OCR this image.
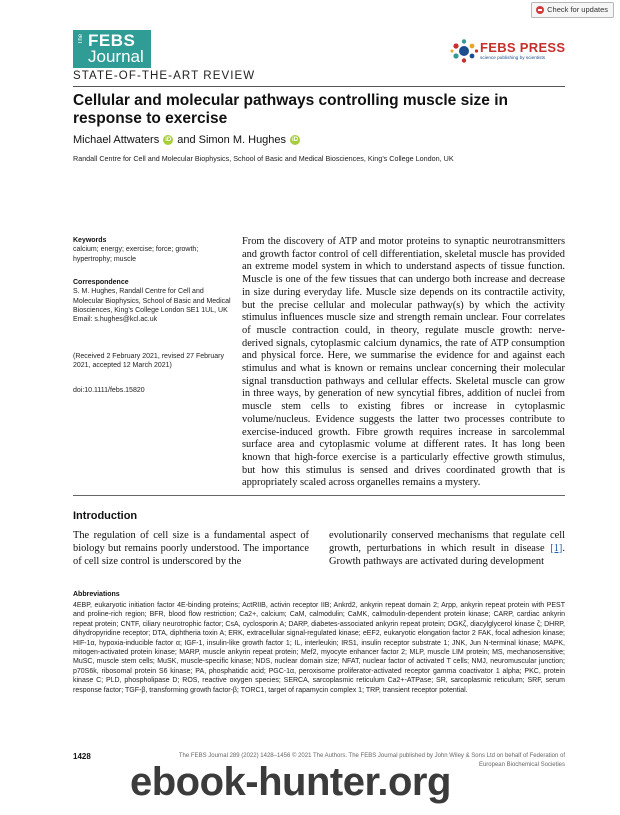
Check for updates
The FEBS
Journal	FEBS PRESS
science publishing by scientists
STATE-OF-THE-ART REVIEW
Cellular and molecular pathways controlling muscle size in response to exercise
Michael Attwaters	iD and Simon M. Hughes	iD
Randall Centre for Cell and Molecular Biophysics, School of Basic and Medical Biosciences, King’s College London, UK
Keywords
calcium; energy; exercise; force; growth; hypertrophy; muscle
Correspondence
S. M. Hughes, Randall Centre for Cell and Molecular Biophysics, School of Basic and Medical Biosciences, King’s College London SE1 1UL, UK
Email: s.hughes@kcl.ac.uk
(Received 2 February 2021, revised 27 February 2021, accepted 12 March 2021)
doi:10.1111/febs.15820
From the discovery of ATP and motor proteins to synaptic neurotransmitters and growth factor control of cell differentiation, skeletal muscle has provided an extreme model system in which to understand aspects of tissue function. Muscle is one of the few tissues that can undergo both increase and decrease in size during everyday life. Muscle size depends on its contractile activity, but the precise cellular and molecular pathway(s) by which the activity stimulus influences muscle size and strength remain unclear. Four correlates of muscle contraction could, in theory, regulate muscle growth: nerve-derived signals, cytoplasmic calcium dynamics, the rate of ATP consumption and physical force. Here, we summarise the evidence for and against each stimulus and what is known or remains unclear concerning their molecular signal transduction pathways and cellular effects. Skeletal muscle can grow in three ways, by generation of new syncytial fibres, addition of nuclei from muscle stem cells to existing fibres or increase in cytoplasmic volume/nucleus. Evidence suggests the latter two processes contribute to exercise-induced growth. Fibre growth requires increase in sarcolemmal surface area and cytoplasmic volume at different rates. It has long been known that high-force exercise is a particularly effective growth stimulus, but how this stimulus is sensed and drives coordinated growth that is appropriately scaled across organelles remains a mystery.
Introduction
The regulation of cell size is a fundamental aspect of biology but remains poorly understood. The importance of cell size control is underscored by the
evolutionarily conserved mechanisms that regulate cell growth, perturbations in which result in disease [1]. Growth pathways are activated during development
Abbreviations
4EBP, eukaryotic initiation factor 4E-binding proteins; ActRIIB, activin receptor IIB; Ankrd2, ankyrin repeat domain 2; Arpp, ankyrin repeat protein with PEST and proline-rich region; BFR, blood flow restriction; Ca2+, calcium; CaM, calmodulin; CaMK, calmodulin-dependent protein kinase; CARP, cardiac ankyrin repeat protein; CNTF, ciliary neurotrophic factor; CsA, cyclosporin A; DARP, diabetes-associated ankyrin repeat protein; DGKζ, diacylglycerol kinase ζ; DHRP, dihydropyridine receptor; DTA, diphtheria toxin A; ERK, extracellular signal-regulated kinase; eEF2, eukaryotic elongation factor 2 FAK, focal adhesion kinase; HIF-1α, hypoxia-inducible factor α; IGF-1, insulin-like growth factor 1; IL, interleukin; IRS1, insulin receptor substrate 1; JNK, Jun N-terminal kinase; MAPK, mitogen-activated protein kinase; MARP, muscle ankyrin repeat protein; Mef2, myocyte enhancer factor 2; MLP, muscle LIM protein; MS, mechanosensitive; MuSC, muscle stem cells; MuSK, muscle-specific kinase; NDS, nuclear domain size; NFAT, nuclear factor of activated T cells; NMJ, neuromuscular junction; p70S6k, ribosomal protein S6 kinase; PA, phosphatidic acid; PGC-1α, peroxisome proliferator-activated receptor gamma coactivator 1 alpha; PKC, protein kinase C; PLD, phospholipase D; ROS, reactive oxygen species; SERCA, sarcoplasmic reticulum Ca2+-ATPase; SR, sarcoplasmic reticulum; SRF, serum response factor; TGF-β, transforming growth factor-β; TORC1, target of rapamycin complex 1; TRP, transient receptor potential.
1428	The FEBS Journal 289 (2022) 1428–1456 © 2021 The Authors. The FEBS Journal published by John Wiley & Sons Ltd on behalf of Federation of European Biochemical Societies
ebook-hunter.org
